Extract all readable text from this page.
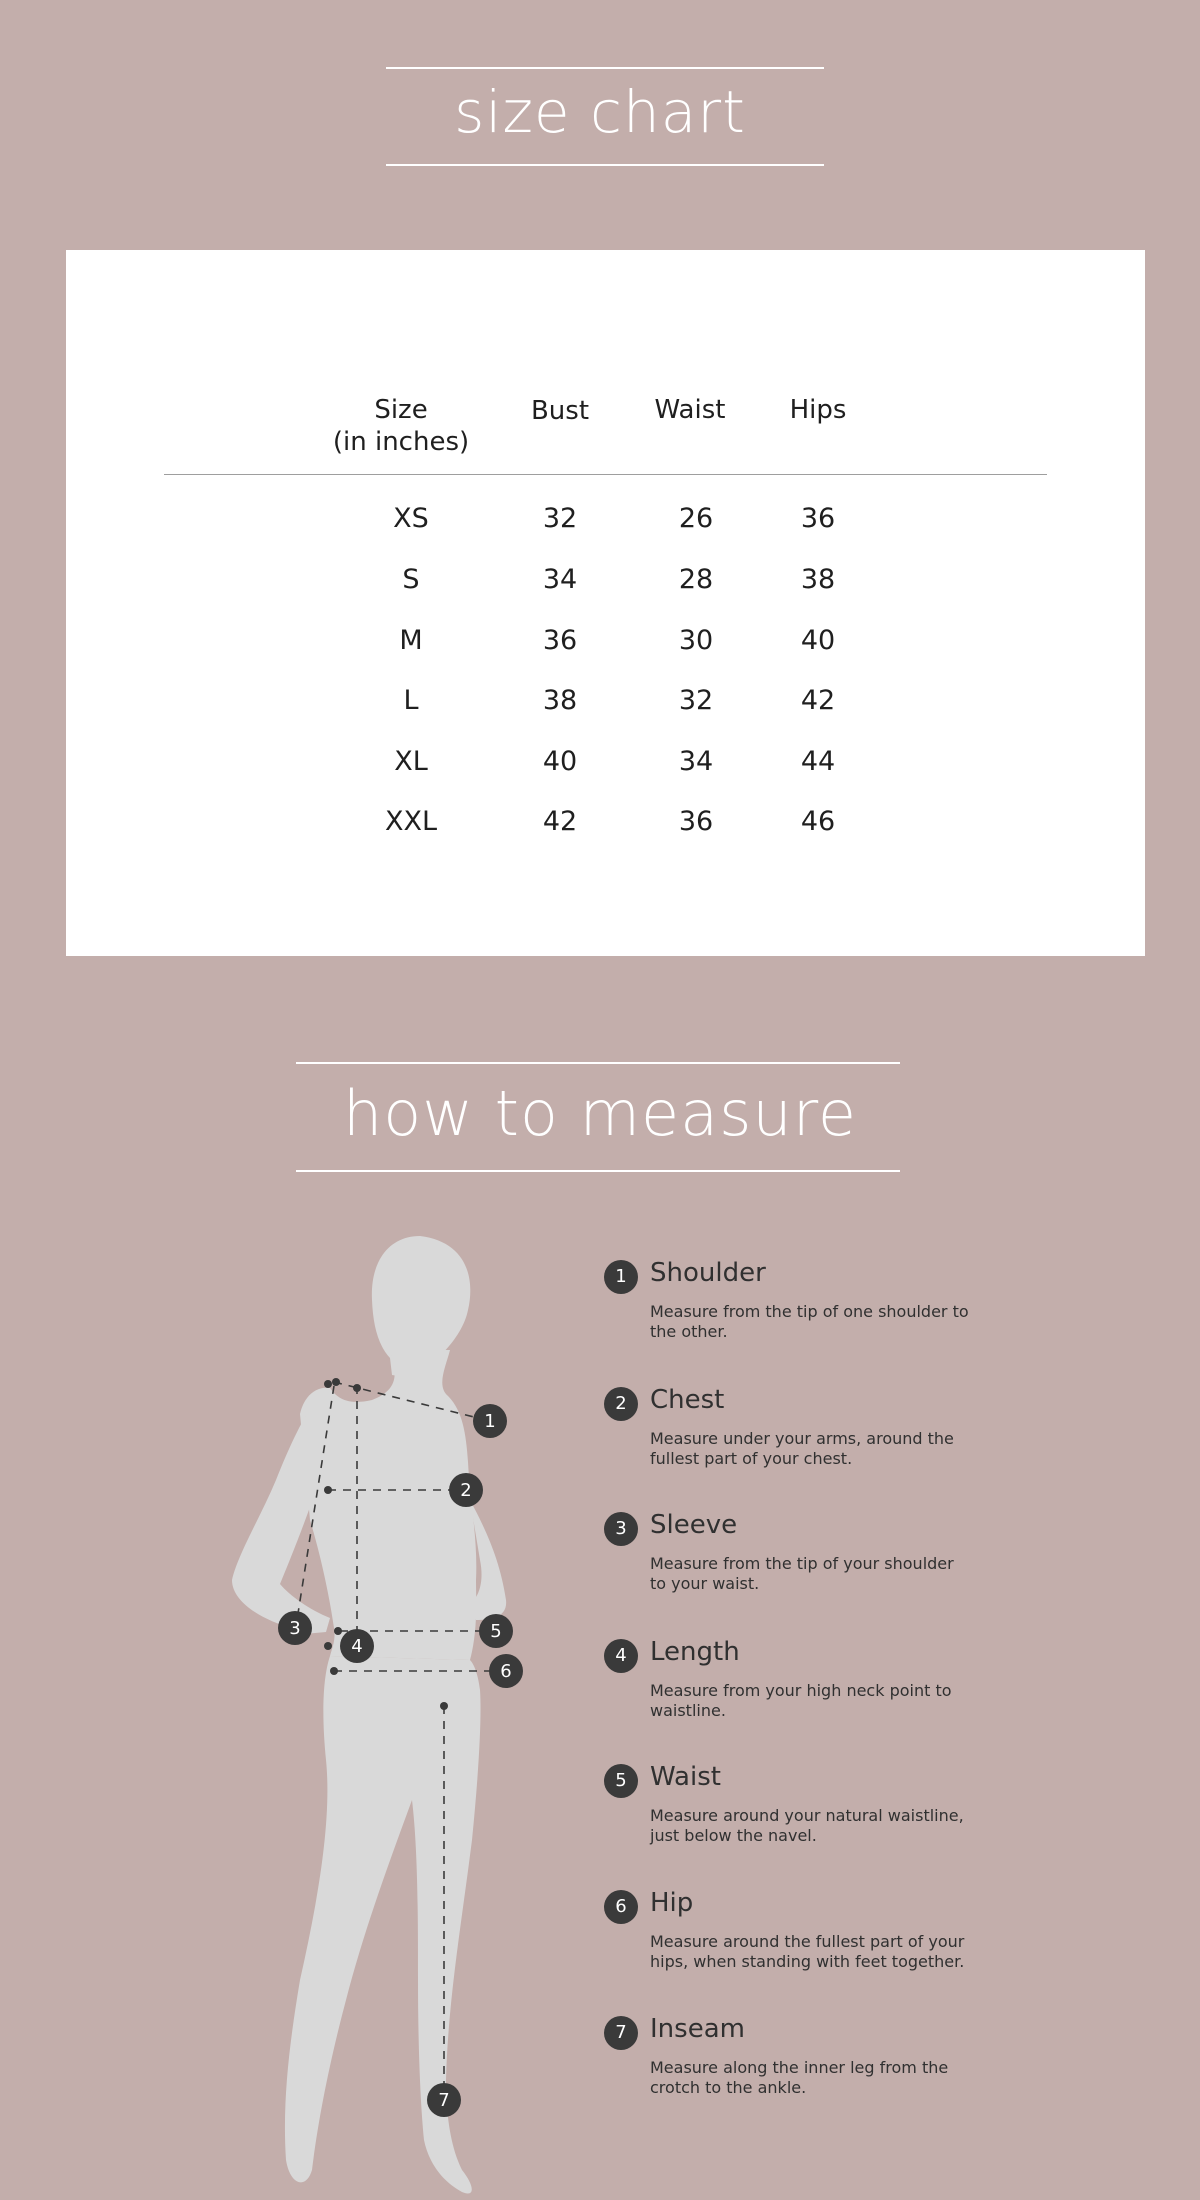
size chart
Size
(in inches)
Bust	Waist	Hips
XS	32	26	36
S	34	28	38
M	36	30	40
L	38	32	42
XL	40	34	44
XXL	42	36	46
how to measure
1
2
3
4
5
6
7
1 Shoulder
Measure from the tip of one shoulder to the other.
2 Chest
Measure under your arms, around the fullest part of your chest.
3 Sleeve
Measure from the tip of your shoulder to your waist.
4 Length
Measure from your high neck point to waistline.
5 Waist
Measure around your natural waistline, just below the navel.
6 Hip
Measure around the fullest part of your hips, when standing with feet together.
7 Inseam
Measure along the inner leg from the crotch to the ankle.
